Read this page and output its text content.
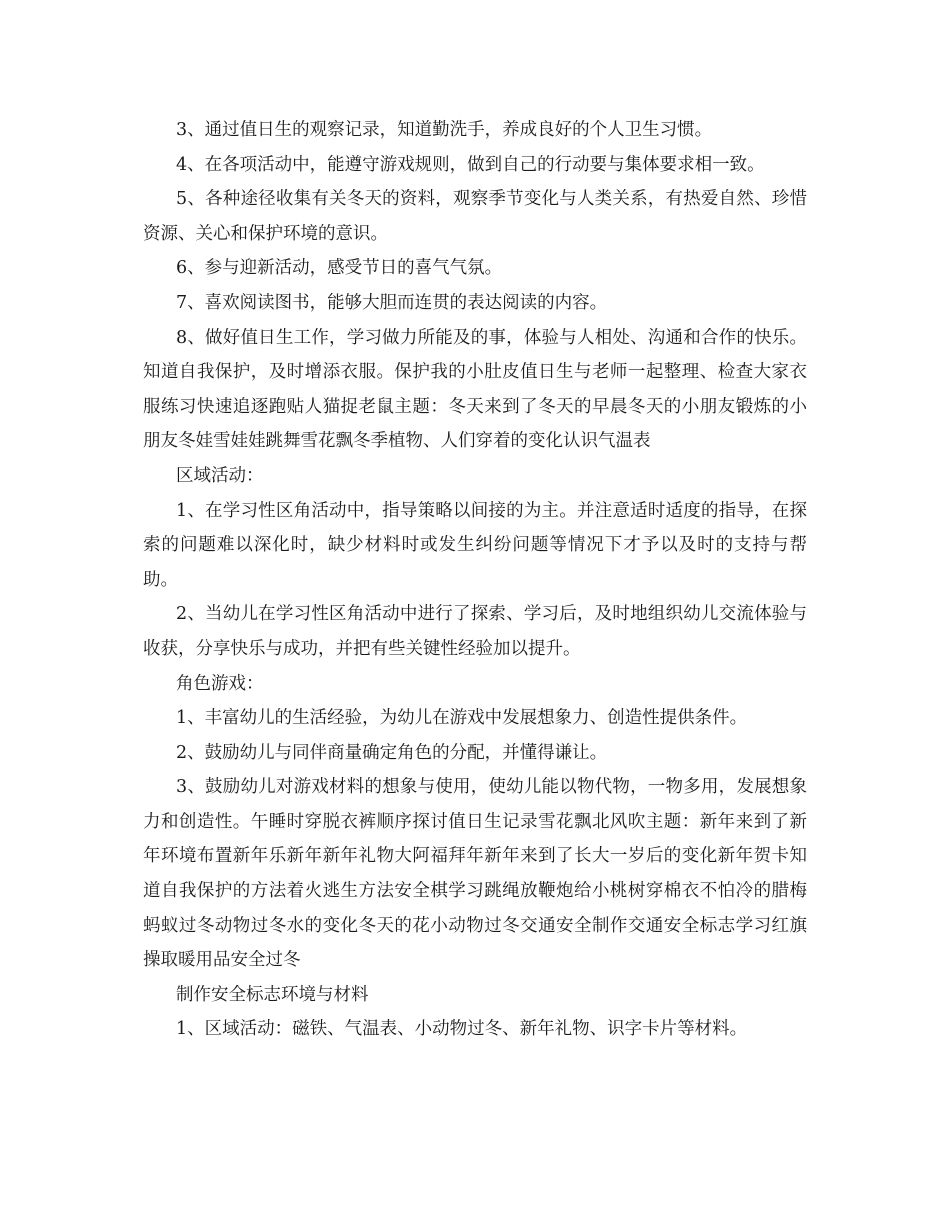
3、通过值日生的观察记录，知道勤洗手，养成良好的个人卫生习惯。

4、在各项活动中，能遵守游戏规则，做到自己的行动要与集体要求相一致。

5、各种途径收集有关冬天的资料，观察季节变化与人类关系，有热爱自然、珍惜资源、关心和保护环境的意识。

6、参与迎新活动，感受节日的喜气气氛。

7、喜欢阅读图书，能够大胆而连贯的表达阅读的内容。

8、做好值日生工作，学习做力所能及的事，体验与人相处、沟通和合作的快乐。知道自我保护，及时增添衣服。保护我的小肚皮值日生与老师一起整理、检查大家衣服练习快速追逐跑贴人猫捉老鼠主题：冬天来到了冬天的早晨冬天的小朋友锻炼的小朋友冬娃雪娃娃跳舞雪花飘冬季植物、人们穿着的变化认识气温表

区域活动：

1、在学习性区角活动中，指导策略以间接的为主。并注意适时适度的指导，在探索的问题难以深化时，缺少材料时或发生纠纷问题等情况下才予以及时的支持与帮助。

2、当幼儿在学习性区角活动中进行了探索、学习后，及时地组织幼儿交流体验与收获，分享快乐与成功，并把有些关键性经验加以提升。

角色游戏：

1、丰富幼儿的生活经验，为幼儿在游戏中发展想象力、创造性提供条件。

2、鼓励幼儿与同伴商量确定角色的分配，并懂得谦让。

3、鼓励幼儿对游戏材料的想象与使用，使幼儿能以物代物，一物多用，发展想象力和创造性。午睡时穿脱衣裤顺序探讨值日生记录雪花飘北风吹主题：新年来到了新年环境布置新年乐新年新年礼物大阿福拜年新年来到了长大一岁后的变化新年贺卡知道自我保护的方法着火逃生方法安全棋学习跳绳放鞭炮给小桃树穿棉衣不怕冷的腊梅蚂蚁过冬动物过冬水的变化冬天的花小动物过冬交通安全制作交通安全标志学习红旗操取暖用品安全过冬

制作安全标志环境与材料

1、区域活动：磁铁、气温表、小动物过冬、新年礼物、识字卡片等材料。
